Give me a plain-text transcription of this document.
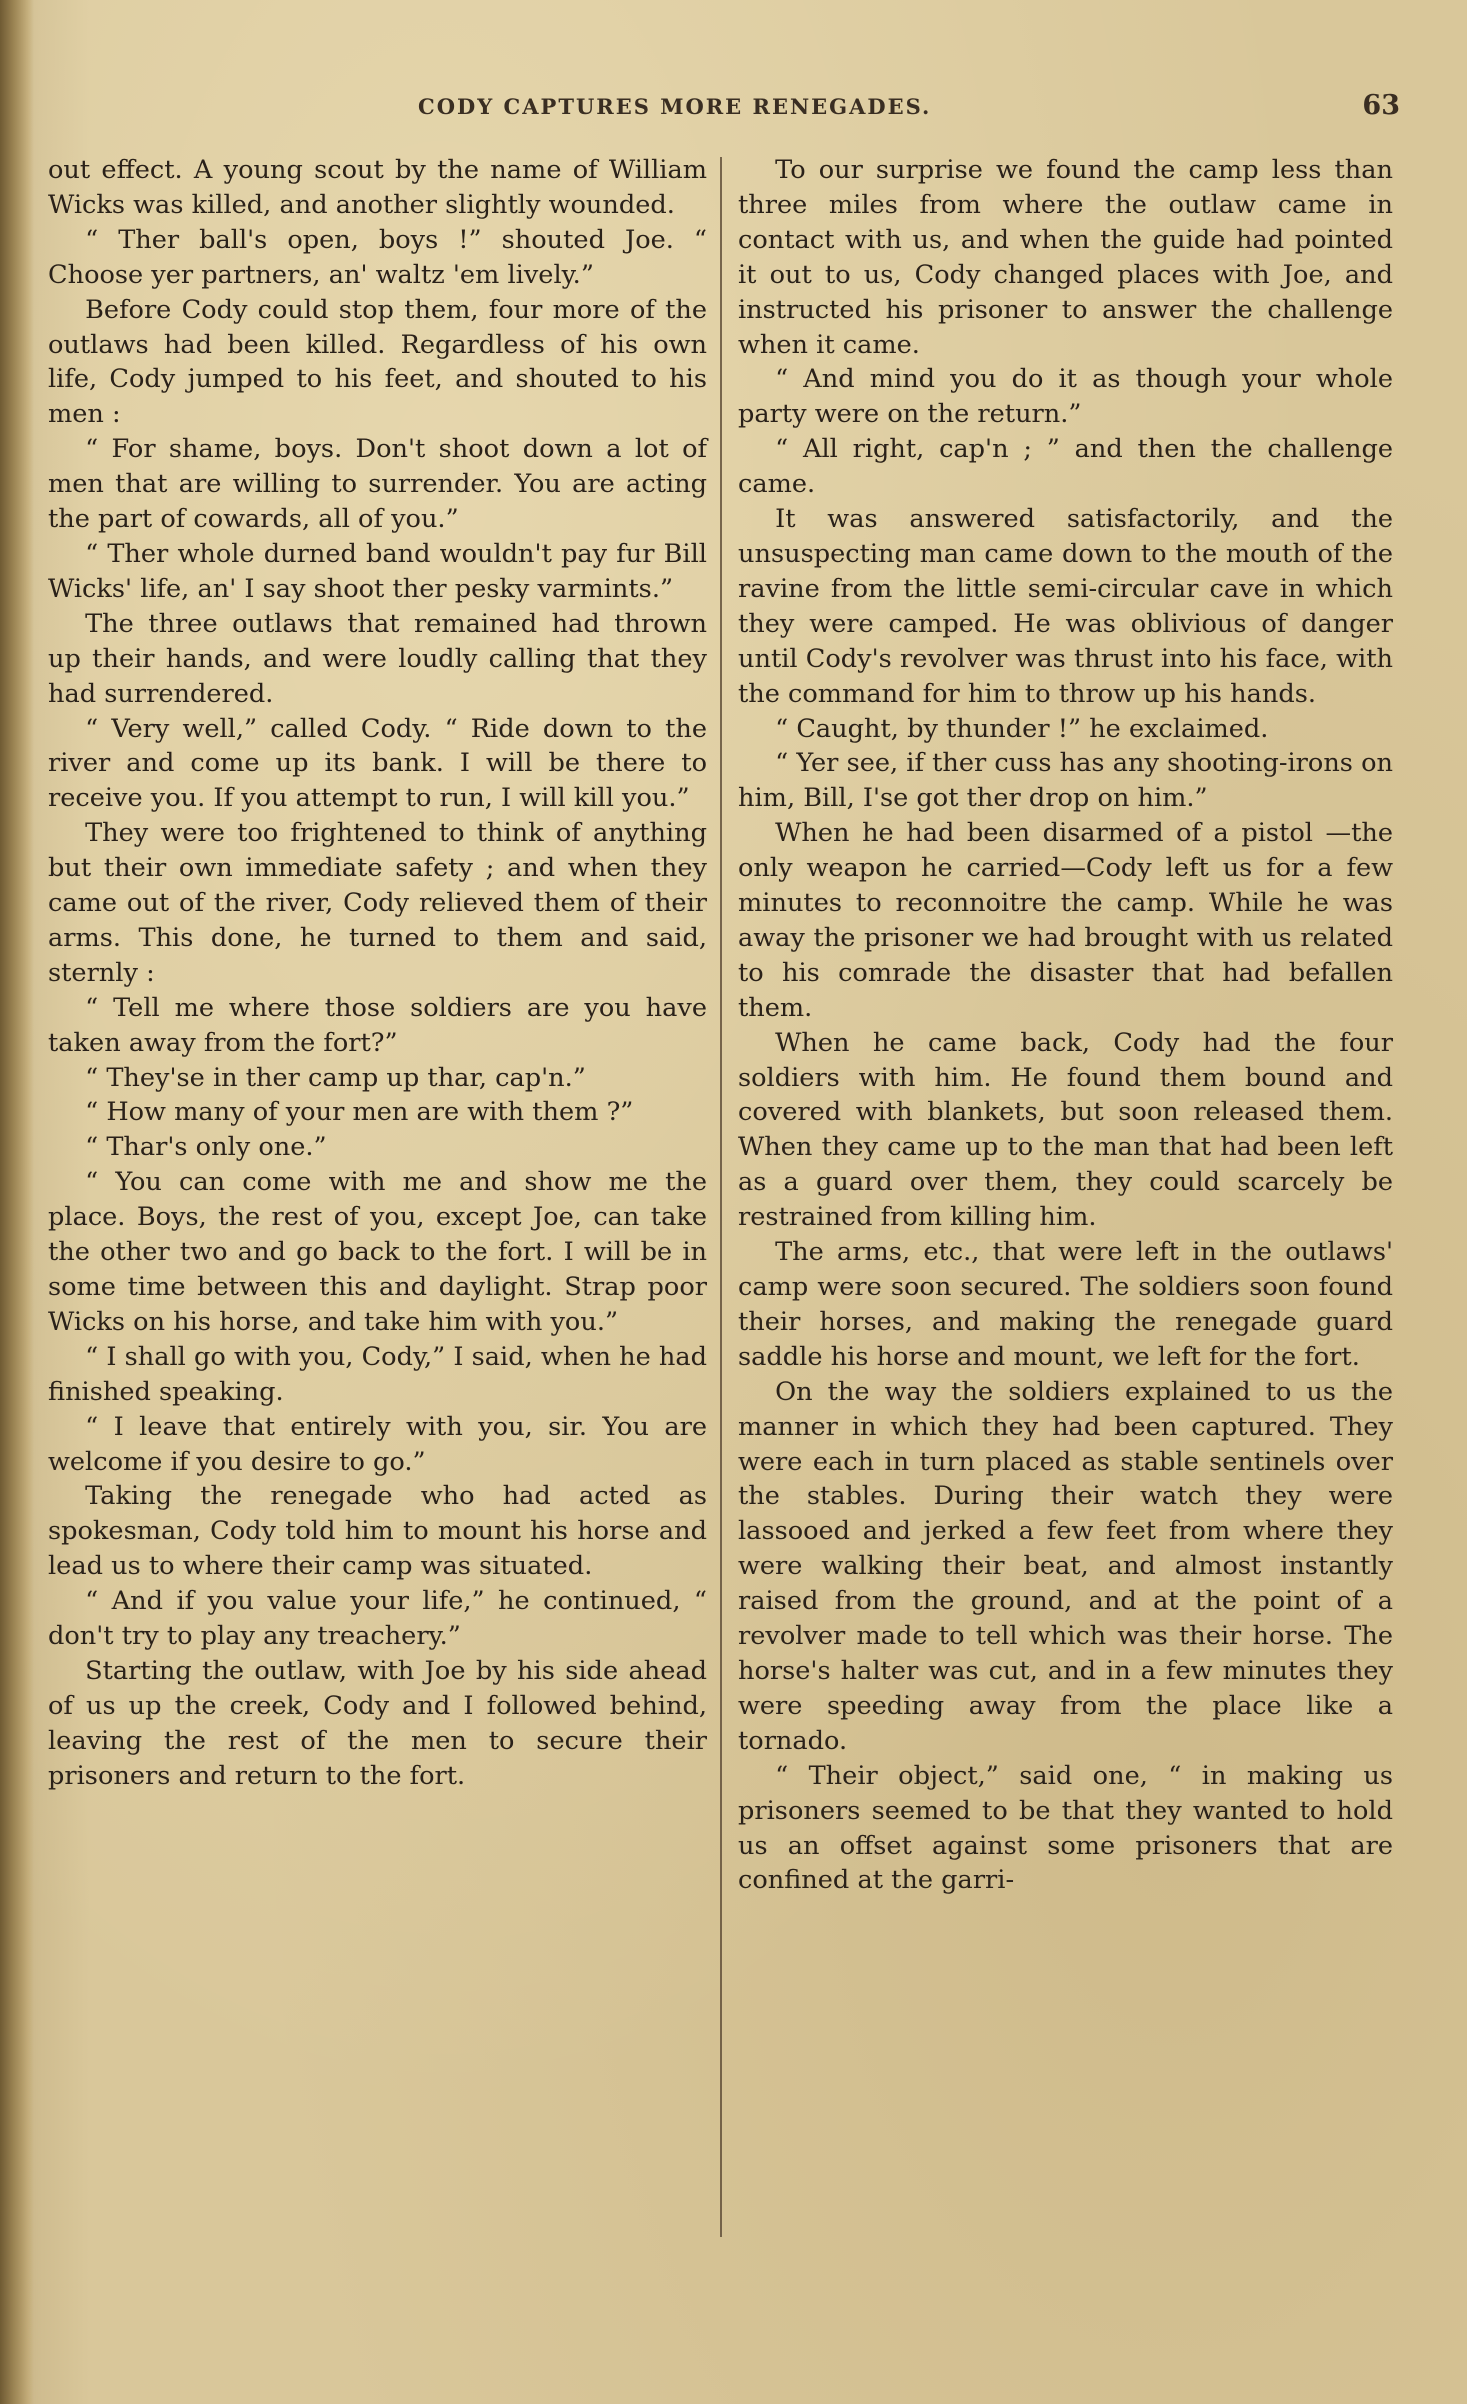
CODY CAPTURES MORE RENEGADES.	63

out effect. A young scout by the name of William Wicks was killed, and another slightly wounded.

“ Ther ball's open, boys !” shouted Joe. “ Choose yer partners, an' waltz 'em lively.”

Before Cody could stop them, four more of the outlaws had been killed. Regardless of his own life, Cody jumped to his feet, and shouted to his men :

“ For shame, boys. Don't shoot down a lot of men that are willing to surrender. You are acting the part of cowards, all of you.”

“ Ther whole durned band wouldn't pay fur Bill Wicks' life, an' I say shoot ther pesky varmints.”

The three outlaws that remained had thrown up their hands, and were loudly calling that they had surrendered.

“ Very well,” called Cody. “ Ride down to the river and come up its bank. I will be there to receive you. If you attempt to run, I will kill you.”

They were too frightened to think of anything but their own immediate safety ; and when they came out of the river, Cody relieved them of their arms. This done, he turned to them and said, sternly :

“ Tell me where those soldiers are you have taken away from the fort?”

“ They'se in ther camp up thar, cap'n.”

“ How many of your men are with them ?”

“ Thar's only one.”

“ You can come with me and show me the place. Boys, the rest of you, except Joe, can take the other two and go back to the fort. I will be in some time between this and daylight. Strap poor Wicks on his horse, and take him with you.”

“ I shall go with you, Cody,” I said, when he had finished speaking.

“ I leave that entirely with you, sir. You are welcome if you desire to go.”

Taking the renegade who had acted as spokesman, Cody told him to mount his horse and lead us to where their camp was situated.

“ And if you value your life,” he continued, “ don't try to play any treachery.”

Starting the outlaw, with Joe by his side ahead of us up the creek, Cody and I followed behind, leaving the rest of the men to secure their prisoners and return to the fort.

To our surprise we found the camp less than three miles from where the outlaw came in contact with us, and when the guide had pointed it out to us, Cody changed places with Joe, and instructed his prisoner to answer the challenge when it came.

“ And mind you do it as though your whole party were on the return.”

“ All right, cap'n ; ” and then the challenge came.

It was answered satisfactorily, and the unsuspecting man came down to the mouth of the ravine from the little semi-circular cave in which they were camped. He was oblivious of danger until Cody's revolver was thrust into his face, with the command for him to throw up his hands.

“ Caught, by thunder !” he exclaimed.

“ Yer see, if ther cuss has any shooting-irons on him, Bill, I'se got ther drop on him.”

When he had been disarmed of a pistol —the only weapon he carried—Cody left us for a few minutes to reconnoitre the camp. While he was away the prisoner we had brought with us related to his comrade the disaster that had befallen them.

When he came back, Cody had the four soldiers with him. He found them bound and covered with blankets, but soon released them. When they came up to the man that had been left as a guard over them, they could scarcely be restrained from killing him.

The arms, etc., that were left in the outlaws' camp were soon secured. The soldiers soon found their horses, and making the renegade guard saddle his horse and mount, we left for the fort.

On the way the soldiers explained to us the manner in which they had been captured. They were each in turn placed as stable sentinels over the stables. During their watch they were lassooed and jerked a few feet from where they were walking their beat, and almost instantly raised from the ground, and at the point of a revolver made to tell which was their horse. The horse's halter was cut, and in a few minutes they were speeding away from the place like a tornado.

“ Their object,” said one, “ in making us prisoners seemed to be that they wanted to hold us an offset against some prisoners that are confined at the garri-
